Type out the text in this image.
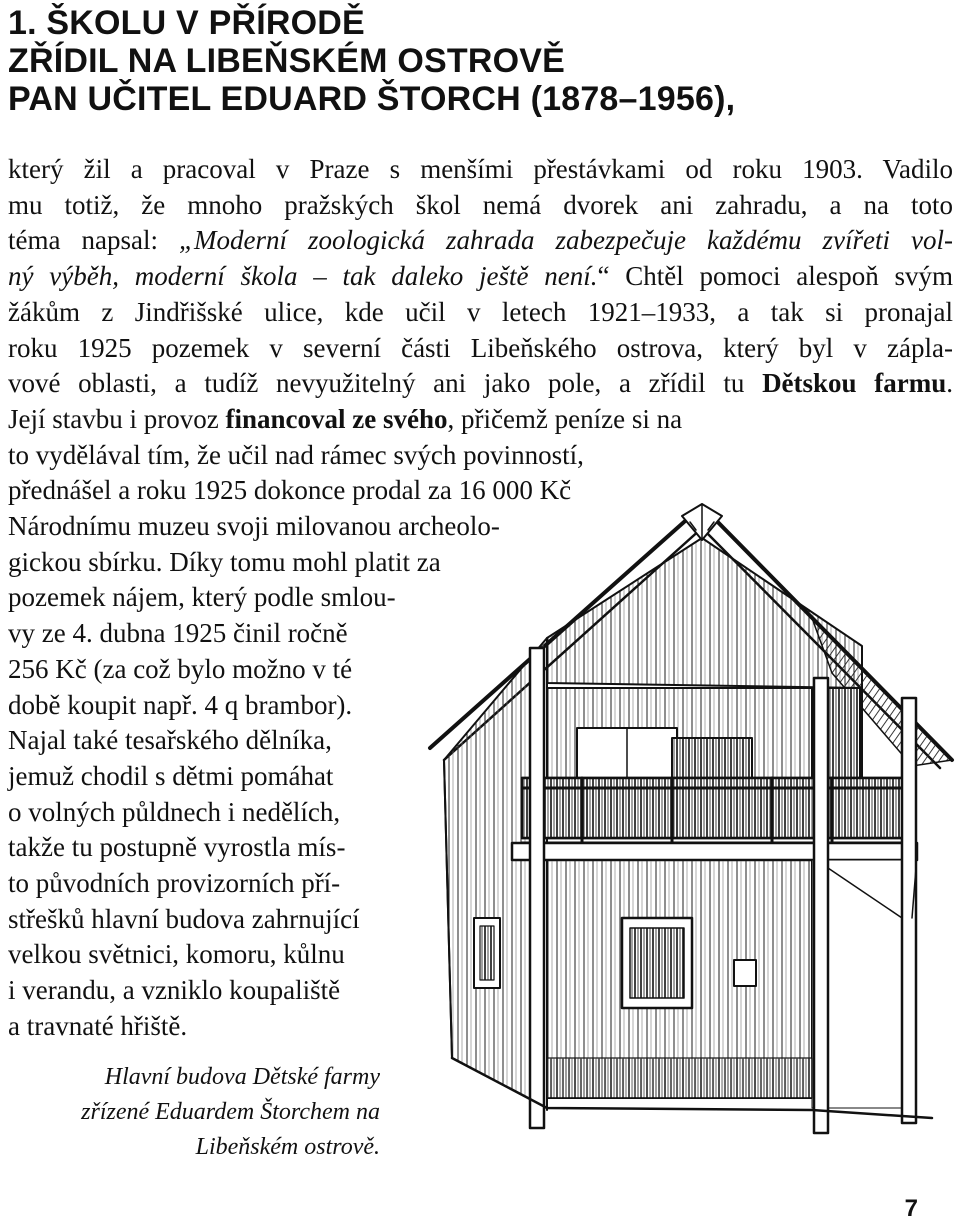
1. ŠKOLU V PŘÍRODĚ
ZŘÍDIL NA LIBEŇSKÉM OSTROVĚ
PAN UČITEL EDUARD ŠTORCH (1878–1956),
který žil a pracoval v Praze s menšími přestávkami od roku 1903. Vadilo
mu totiž, že mnoho pražských škol nemá dvorek ani zahradu, a na toto
téma napsal: „Moderní zoologická zahrada zabezpečuje každému zvířeti vol-
ný výběh, moderní škola – tak daleko ještě není.“ Chtěl pomoci alespoň svým
žákům z Jindřišské ulice, kde učil v letech 1921–1933, a tak si pronajal
roku 1925 pozemek v severní části Libeňského ostrova, který byl v zápla-
vové oblasti, a tudíž nevyužitelný ani jako pole, a zřídil tu Dětskou farmu.
Její stavbu i provoz financoval ze svého, přičemž peníze si na
to vydělával tím, že učil nad rámec svých povinností,
přednášel a roku 1925 dokonce prodal za 16 000 Kč
Národnímu muzeu svoji milovanou archeolo-
gickou sbírku. Díky tomu mohl platit za
pozemek nájem, který podle smlou-
vy ze 4. dubna 1925 činil ročně
256 Kč (za což bylo možno v té
době koupit např. 4 q brambor).
Najal také tesařského dělníka,
jemuž chodil s dětmi pomáhat
o volných půldnech i nedělích,
takže tu postupně vyrostla mís-
to původních provizorních pří-
střešků hlavní budova zahrnující
velkou světnici, komoru, kůlnu
i verandu, a vzniklo koupaliště
a travnaté hřiště.
Hlavní budova Dětské farmy
zřízené Eduardem Štorchem na
Libeňském ostrově.
7
